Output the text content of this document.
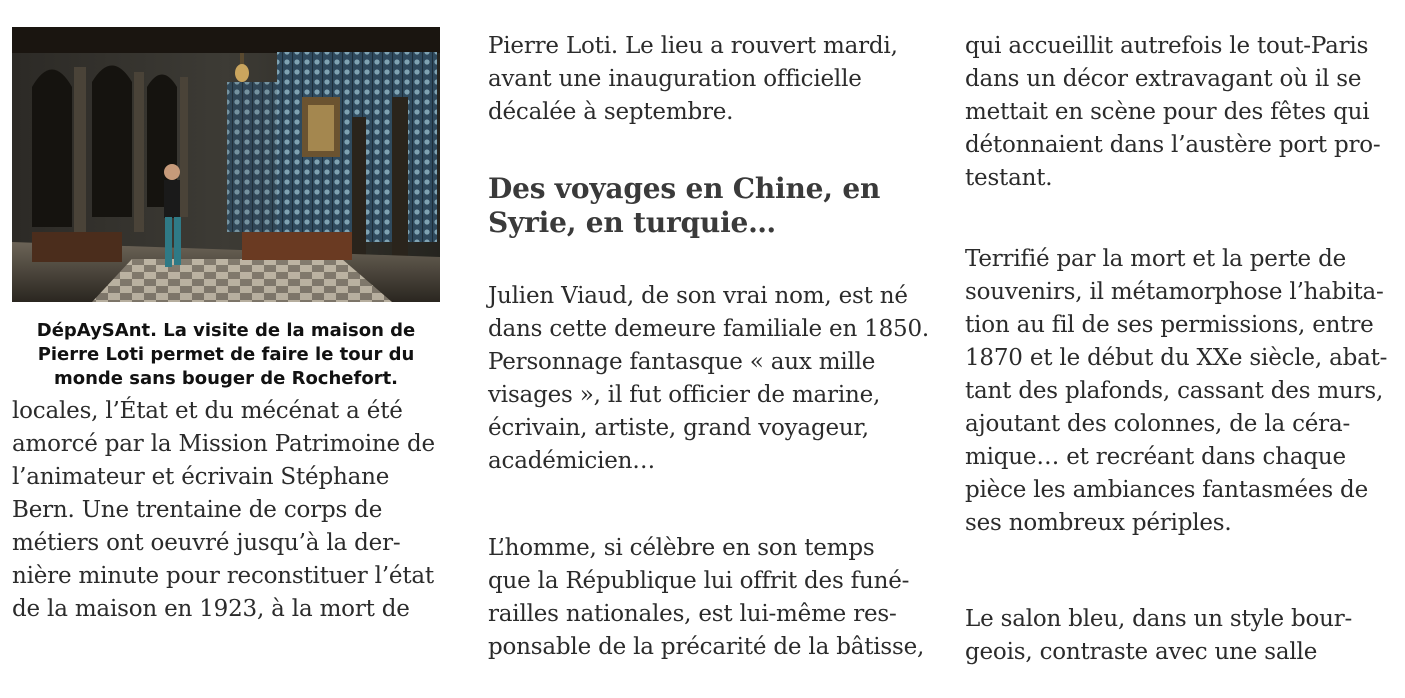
DépAySAnt. La visite de la maison de
Pierre Loti permet de faire le tour du
monde sans bouger de Rochefort.

locales, l’État et du mécénat a été
amorcé par la Mission Patrimoine de
l’animateur et écrivain Stéphane
Bern. Une trentaine de corps de
métiers ont oeuvré jusqu’à la der-
nière minute pour reconstituer l’état
de la maison en 1923, à la mort de

Pierre Loti. Le lieu a rouvert mardi,
avant une inauguration officielle
décalée à septembre.

Des voyages en Chine, en
Syrie, en turquie…

Julien Viaud, de son vrai nom, est né
dans cette demeure familiale en 1850.
Personnage fantasque « aux mille
visages », il fut officier de marine,
écrivain, artiste, grand voyageur,
académicien…

L’homme, si célèbre en son temps
que la République lui offrit des funé-
railles nationales, est lui-même res-
ponsable de la précarité de la bâtisse,

qui accueillit autrefois le tout-Paris
dans un décor extravagant où il se
mettait en scène pour des fêtes qui
détonnaient dans l’austère port pro-
testant.

Terrifié par la mort et la perte de
souvenirs, il métamorphose l’habita-
tion au fil de ses permissions, entre
1870 et le début du XXe siècle, abat-
tant des plafonds, cassant des murs,
ajoutant des colonnes, de la céra-
mique… et recréant dans chaque
pièce les ambiances fantasmées de
ses nombreux périples.

Le salon bleu, dans un style bour-
geois, contraste avec une salle
